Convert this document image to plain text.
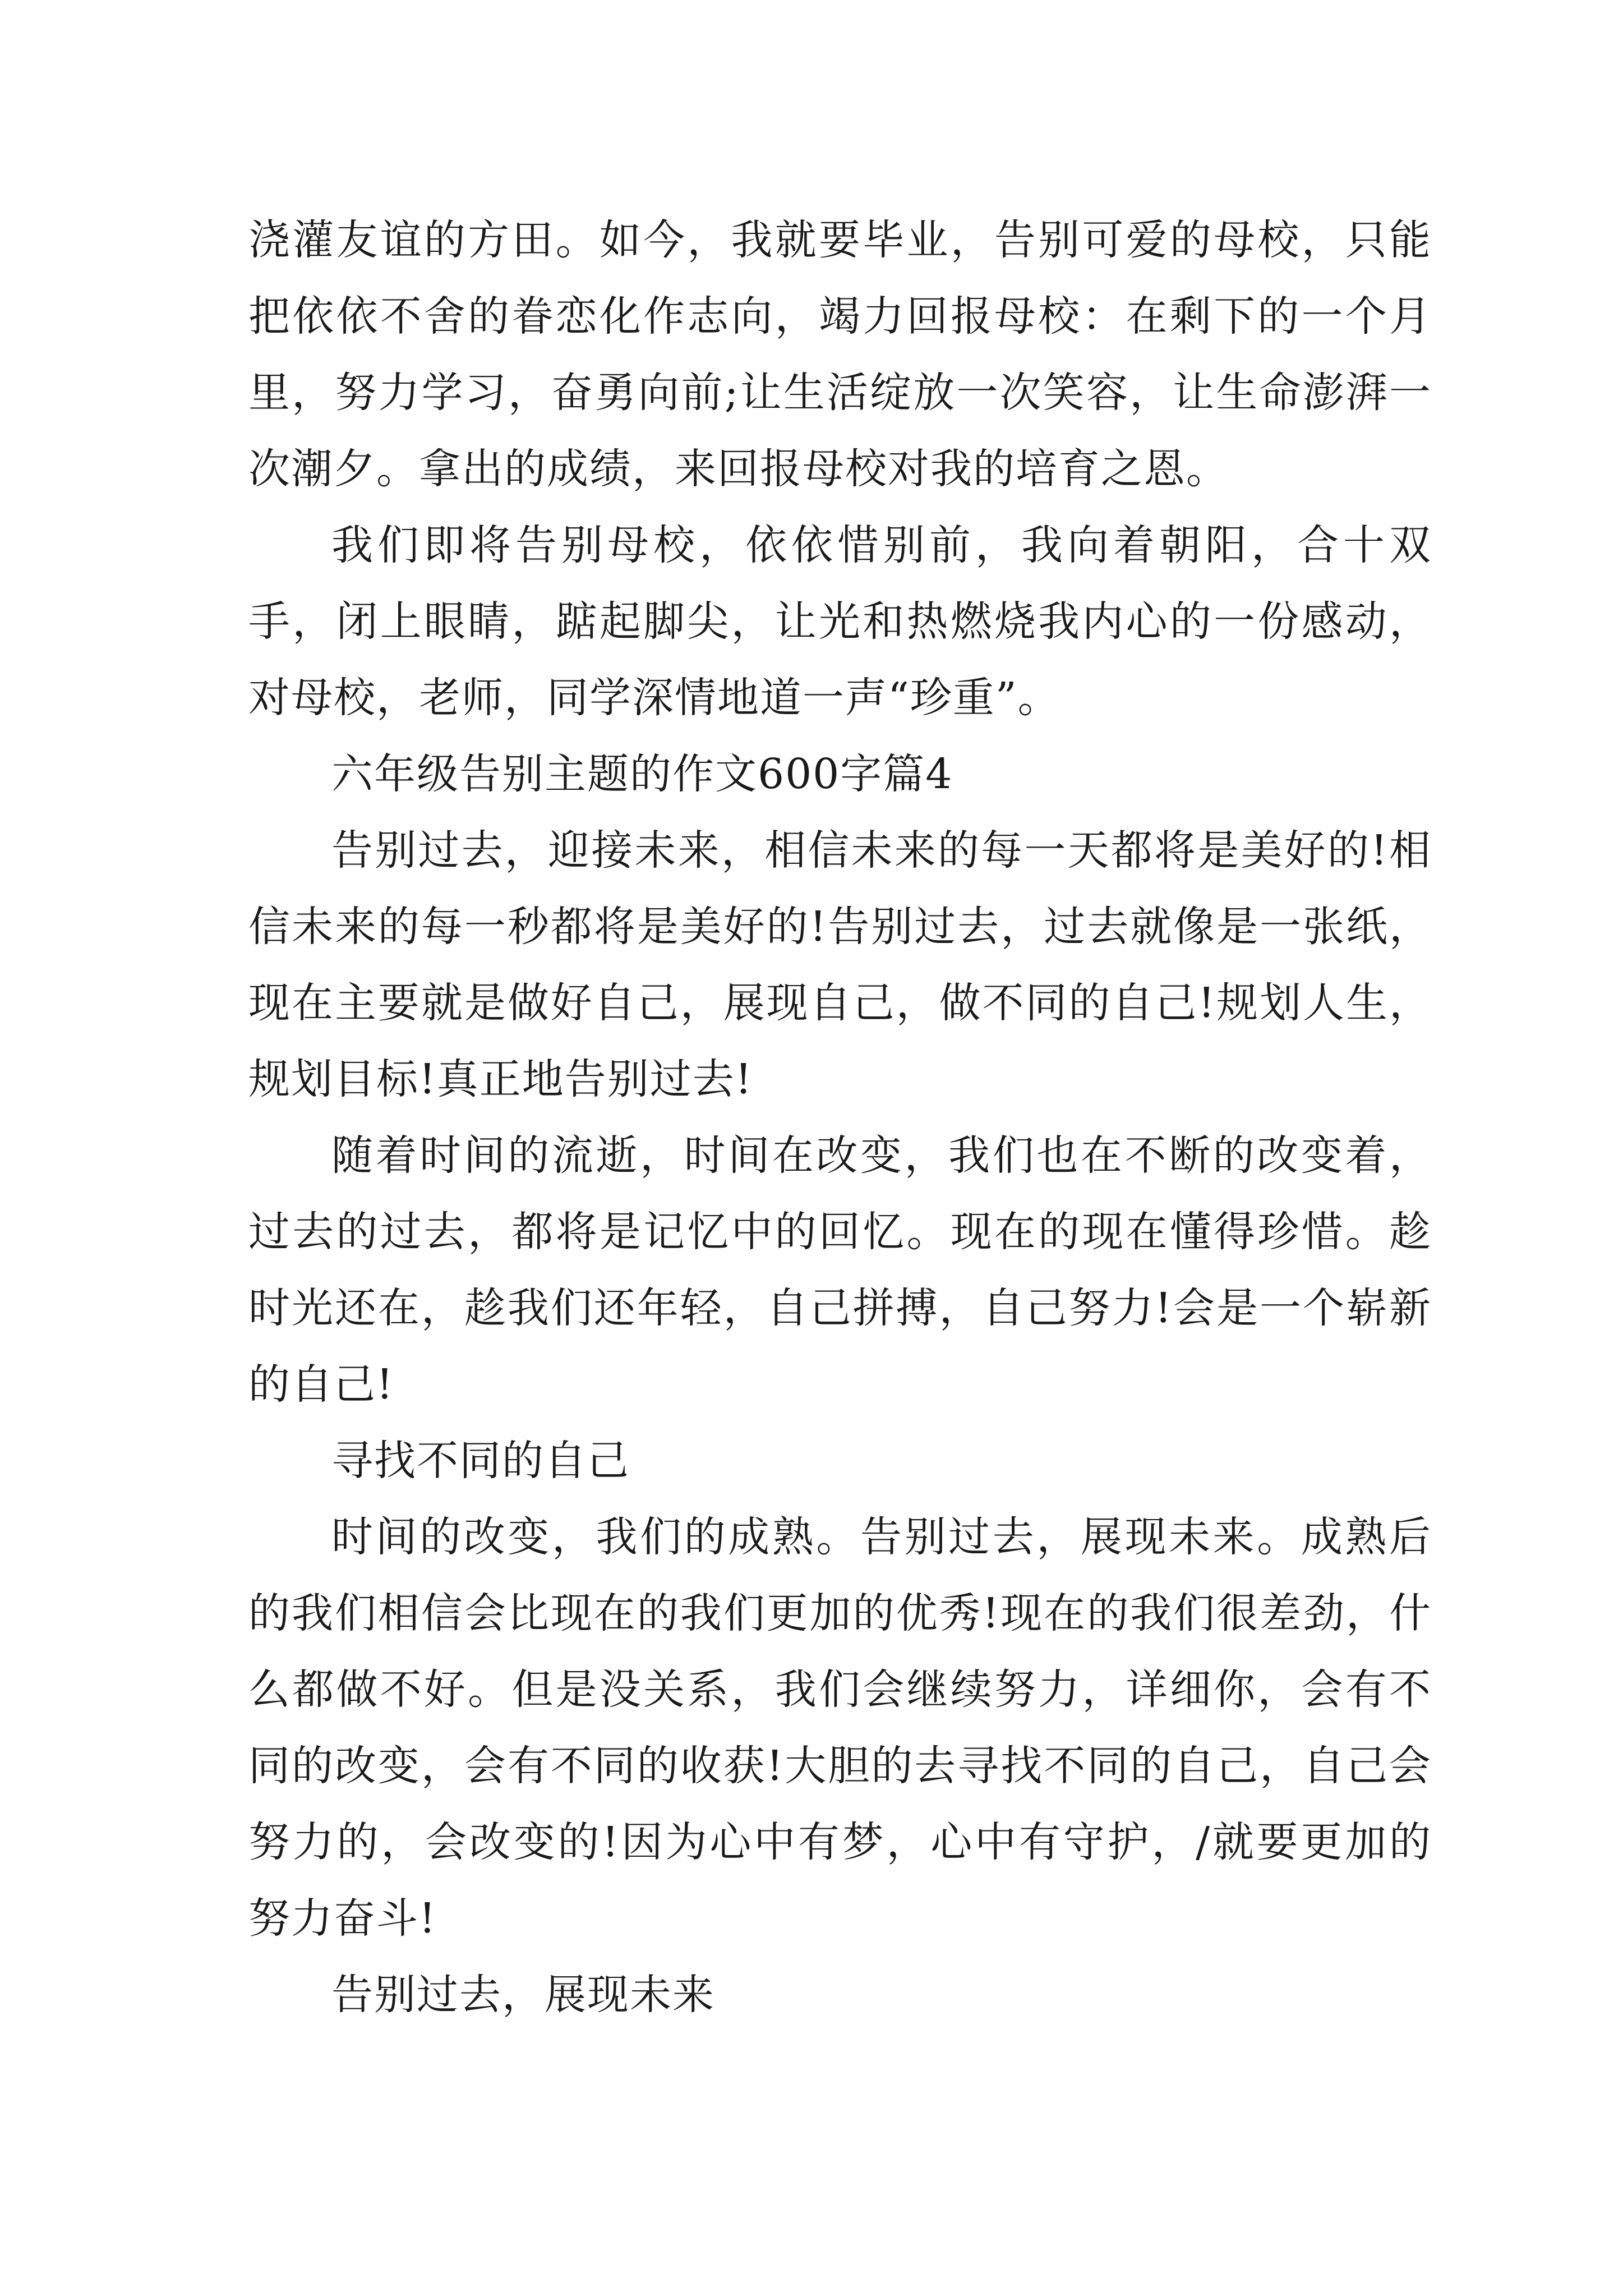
浇灌友谊的方田。如今，我就要毕业，告别可爱的母校，只能把依依不舍的眷恋化作志向，竭力回报母校：在剩下的一个月里，努力学习，奋勇向前;让生活绽放一次笑容，让生命澎湃一次潮夕。拿出的成绩，来回报母校对我的培育之恩。

我们即将告别母校，依依惜别前，我向着朝阳，合十双手，闭上眼睛，踮起脚尖，让光和热燃烧我内心的一份感动，对母校，老师，同学深情地道一声“珍重”。

六年级告别主题的作文600字篇4

告别过去，迎接未来，相信未来的每一天都将是美好的!相信未来的每一秒都将是美好的!告别过去，过去就像是一张纸，现在主要就是做好自己，展现自己，做不同的自己!规划人生，规划目标!真正地告别过去!

随着时间的流逝，时间在改变，我们也在不断的改变着，过去的过去，都将是记忆中的回忆。现在的现在懂得珍惜。趁时光还在，趁我们还年轻，自己拼搏，自己努力!会是一个崭新的自己!

寻找不同的自己

时间的改变，我们的成熟。告别过去，展现未来。成熟后的我们相信会比现在的我们更加的优秀!现在的我们很差劲，什么都做不好。但是没关系，我们会继续努力，详细你，会有不同的改变，会有不同的收获!大胆的去寻找不同的自己，自己会努力的，会改变的!因为心中有梦，心中有守护，/就要更加的努力奋斗!

告别过去，展现未来
